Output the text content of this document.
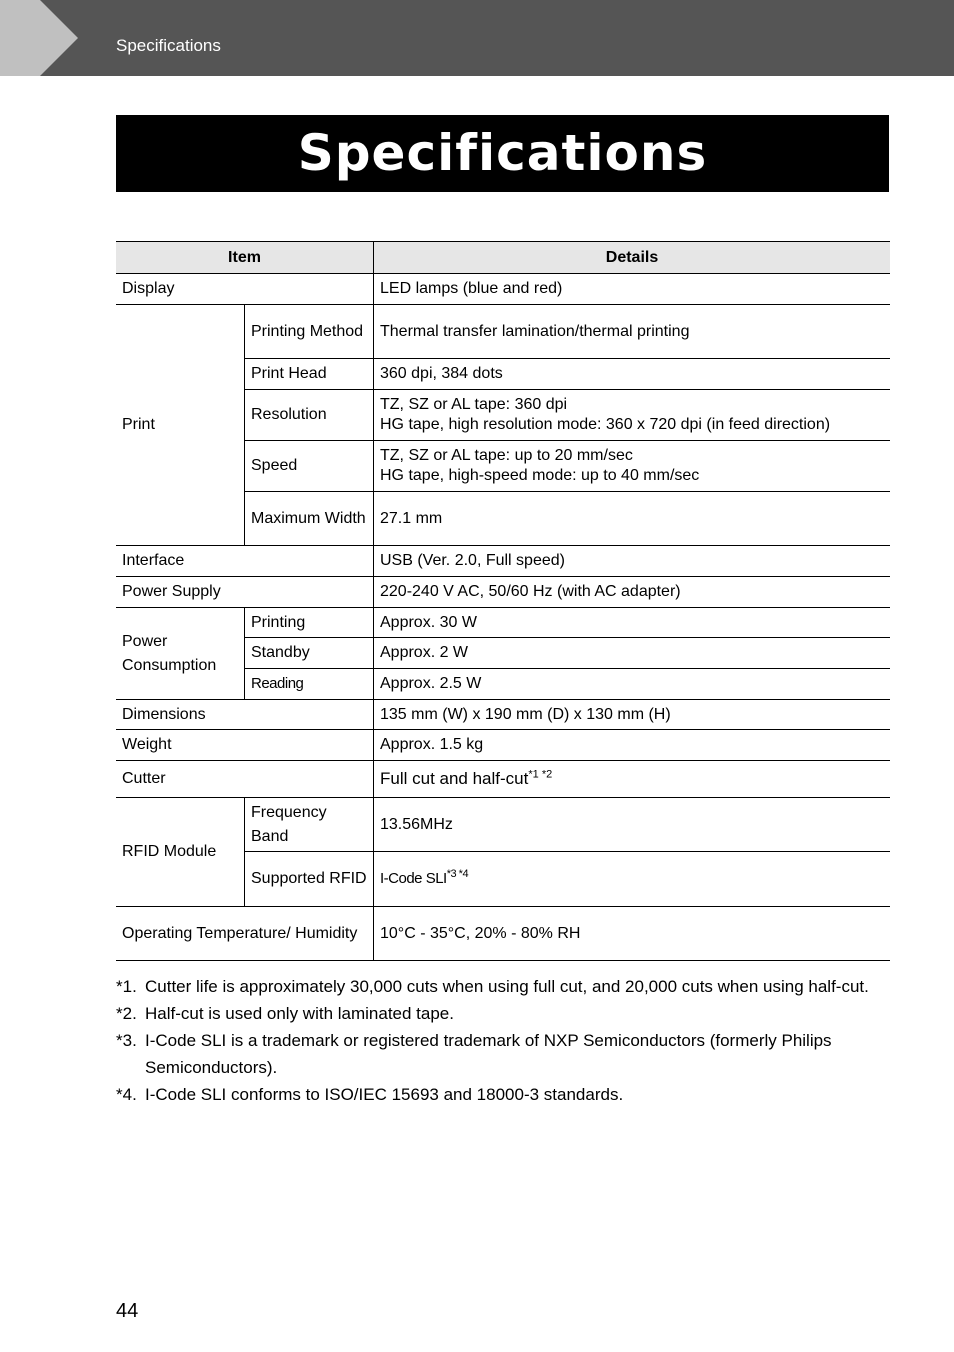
Specifications
Specifications
Item		Details
Display		LED lamps (blue and red)
Print	Printing Method	Thermal transfer lamination/thermal printing
	Print Head	360 dpi, 384 dots
	Resolution	TZ, SZ or AL tape: 360 dpi
HG tape, high resolution mode: 360 x 720 dpi (in feed direction)

	Speed	TZ, SZ or AL tape: up to 20 mm/sec
HG tape, high-speed mode: up to 40 mm/sec

	Maximum Width	27.1 mm
Interface		USB (Ver. 2.0, Full speed)
Power Supply		220-240 V AC, 50/60 Hz (with AC adapter)
Power Consumption	Printing	Approx. 30 W
	Standby	Approx. 2 W
	Reading	Approx. 2.5 W
Dimensions		135 mm (W) x 190 mm (D) x 130 mm (H)
Weight		Approx. 1.5 kg
Cutter		Full cut and half-cut$^{*1 *2}$
RFID Module	Frequency Band	13.56MHz
	Supported RFID	I-Code $SLI^{*3 *4}$
Operating Temperature/ Humidity		10°C - 35°C, 20% - 80% RH
*1. Cutter life is approximately 30,000 cuts when using full cut, and 20,000 cuts when using half-cut.
*2. Half-cut is used only with laminated tape.
*3. I-Code SLI is a trademark or registered trademark of NXP Semiconductors (formerly Philips Semiconductors).
*4. I-Code SLI conforms to ISO/IEC 15693 and 18000-3 standards.
44
